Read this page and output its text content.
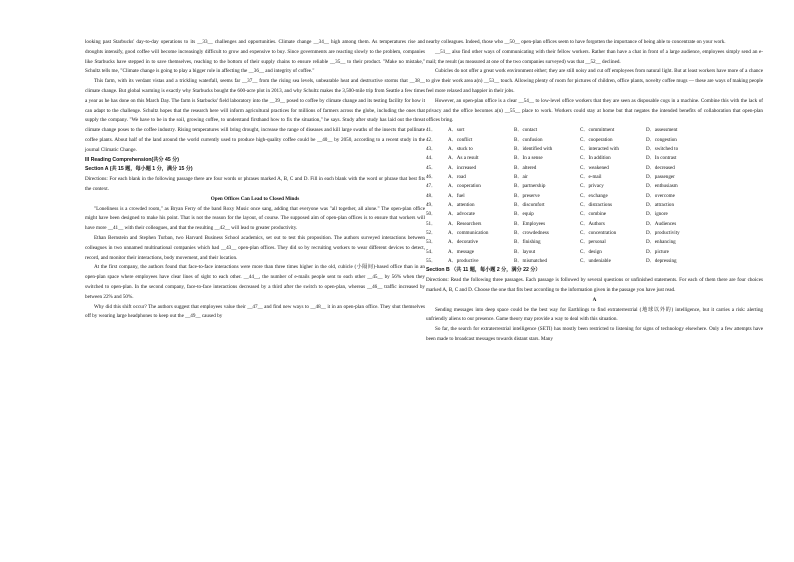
looking past Starbucks' day-to-day operations to its __33__ challenges and opportunities. Climate change __34__ high among them. As temperatures rise and droughts intensify, good coffee will become increasingly difficult to grow and expensive to buy. Since governments are reacting slowly to the problem, companies like Starbucks have stepped in to save themselves, reaching to the bottom of their supply chains to ensure reliable __35__ to their product. "Make no mistake," Schultz tells me, "Climate change is going to play a bigger role in affecting the __36__ and integrity of coffee."

This farm, with its verdant vistas and a trickling waterfall, seems far __37__ from the rising sea levels, unbearable heat and destructive storms that __38__ climate change. But global warming is exactly why Starbucks bought the 600-acre plot in 2013, and why Schultz makes the 3,500-mile trip from Seattle a few times a year as he has done on this March Day. The farm is Starbucks' field laboratory into the __39__ posed to coffee by climate change and its testing facility for how it can adapt to the challenge. Schultz hopes that the research here will inform agricultural practices for millions of farmers across the globe, including the ones that supply the company. "We have to be in the soil, growing coffee, to understand firsthand how to fix the situation," he says. Study after study has laid out the threat climate change poses to the coffee industry. Rising temperatures will bring drought, increase the range of diseases and kill large swaths of the insects that pollinate coffee plants. About half of the land around the world currently used to produce high-quality coffee could be __40__ by 2050, according to a recent study in the journal Climatic Change.

III Reading Comprehension(共分 45 分)

Section A (共 15 题，每小题 1 分，满分 15 分)

Directions: For each blank in the following passage there are four words or phrases marked A, B, C and D. Fill in each blank with the word or phrase that best fits the context.

Open Offices Can Lead to Closed Minds

"Loneliness is a crowded room," as Bryan Ferry of the band Roxy Music once sang, adding that everyone was "all together, all alone." The open-plan office might have been designed to make his point. That is not the reason for the layout, of course. The supposed aim of open-plan offices is to ensure that workers will have more __41__ with their colleagues, and that the resulting __42__ will lead to greater productivity.

Ethan Bernstein and Stephen Turban, two Harvard Business School academics, set out to test this proposition. The authors surveyed interactions between colleagues in two unnamed multinational companies which had __43__ open-plan offices. They did so by recruiting workers to wear different devices to detect, record, and monitor their interactions, body movement, and their location.

At the first company, the authors found that face-to-face interactions were more than three times higher in the old, cubicle (小隔间)-based office than in an open-plan space where employees have clear lines of sight to each other. __44__, the number of e-mails people sent to each other __45__ by 56% when they switched to open-plan. In the second company, face-to-face interactions decreased by a third after the switch to open-plan, whereas __46__ traffic increased by between 22% and 50%.

Why did this shift occur? The authors suggest that employees value their __47__ and find new ways to __48__ it in an open-plan office. They shut themselves off by wearing large headphones to keep out the __49__ caused by

nearby colleagues. Indeed, those who __50__ open-plan offices seem to have forgotten the importance of being able to concentrate on your work.

__51__ also find other ways of communicating with their fellow workers. Rather than have a chat in front of a large audience, employees simply send an e-mail; the result (as measured at one of the two companies surveyed) was that __52__ declined.

Cubicles do not offer a great work environment either; they are still noisy and cut off employees from natural light. But at least workers have more of a chance to give their work area a(n) __53__ touch. Allowing plenty of room for pictures of children, office plants, novelty coffee mugs — these are ways of making people feel more relaxed and happier in their jobs.

However, an open-plan office is a clear __54__ to low-level office workers that they are seen as disposable cogs in a machine. Combine this with the lack of privacy and the office becomes a(n) __55__ place to work. Workers could stay at home but that negates the intended benefits of collaboration that open-plan offices bring.

41．	A．sort	B．contact	C．commitment	D．assessment
42．	A．conflict	B．confusion	C．cooperation	D．congestion
43．	A．stuck to	B．identified with	C．interacted with	D．switched to
44．	A．As a result	B．In a sense	C．In addition	D．In contrast
45．	A．increased	B．altered	C．weakened	D．decreased
46．	A．road	B．air	C．e-mail	D．passenger
47．	A．cooperation	B．partnership	C．privacy	D．enthusiasm
48．	A．fuel	B．preserve	C．exchange	D．overcome
49．	A．attention	B．discomfort	C．distractions	D．attraction
50．	A．advocate	B．equip	C．combine	D．ignore
51．	A．Researchers	B．Employees	C．Authors	D．Audiences
52．	A．communication	B．crowdedness	C．concentration	D．productivity
53．	A．decorative	B．finishing	C．personal	D．enhancing
54．	A．message	B．layout	C．design	D．picture
55．	A．productive	B．mismatched	C．undeniable	D．depressing

Section B （共 11 题，每小题 2 分，满分 22 分）

Directions: Read the following three passages. Each passage is followed by several questions or unfinished statements. For each of them there are four choices marked A, B, C and D. Choose the one that fits best according to the information given in the passage you have just read.

A

Sending messages into deep space could be the best way for Earthlings to find extraterrestrial (地球以外的) intelligence, but it carries a risk: alerting unfriendly aliens to our presence. Game theory may provide a way to deal with this situation.

So far, the search for extraterrestrial intelligence (SETI) has mostly been restricted to listening for signs of technology elsewhere. Only a few attempts have been made to broadcast messages towards distant stars. Many
